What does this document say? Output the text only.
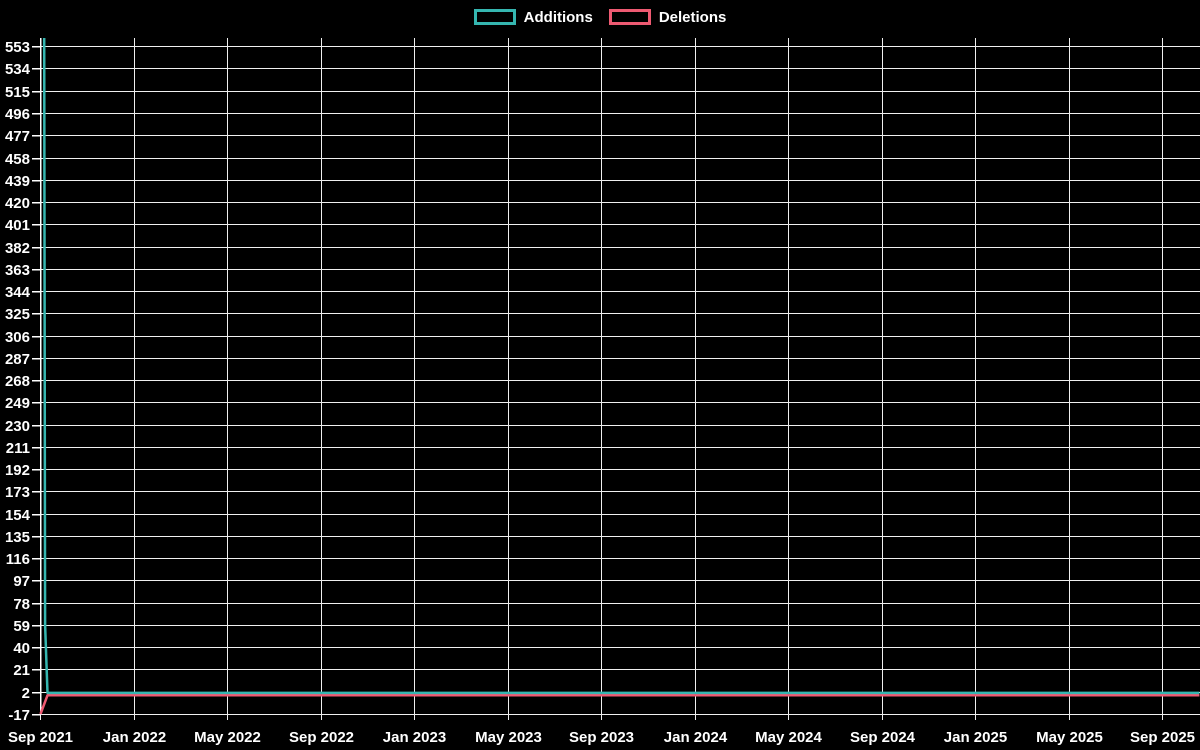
Additions	Deletions
Sep 2021 Jan 2022 May 2022 Sep 2022 Jan 2023 May 2023 Sep 2023 Jan 2024 May 2024 Sep 2024 Jan 2025 May 2025 Sep 2025
553
534
515
496
477
458
439
420
401
382
363
344
325
306
287
268
249
230
211
192
173
154
135
116
97
78
59
40
21
2
-17
